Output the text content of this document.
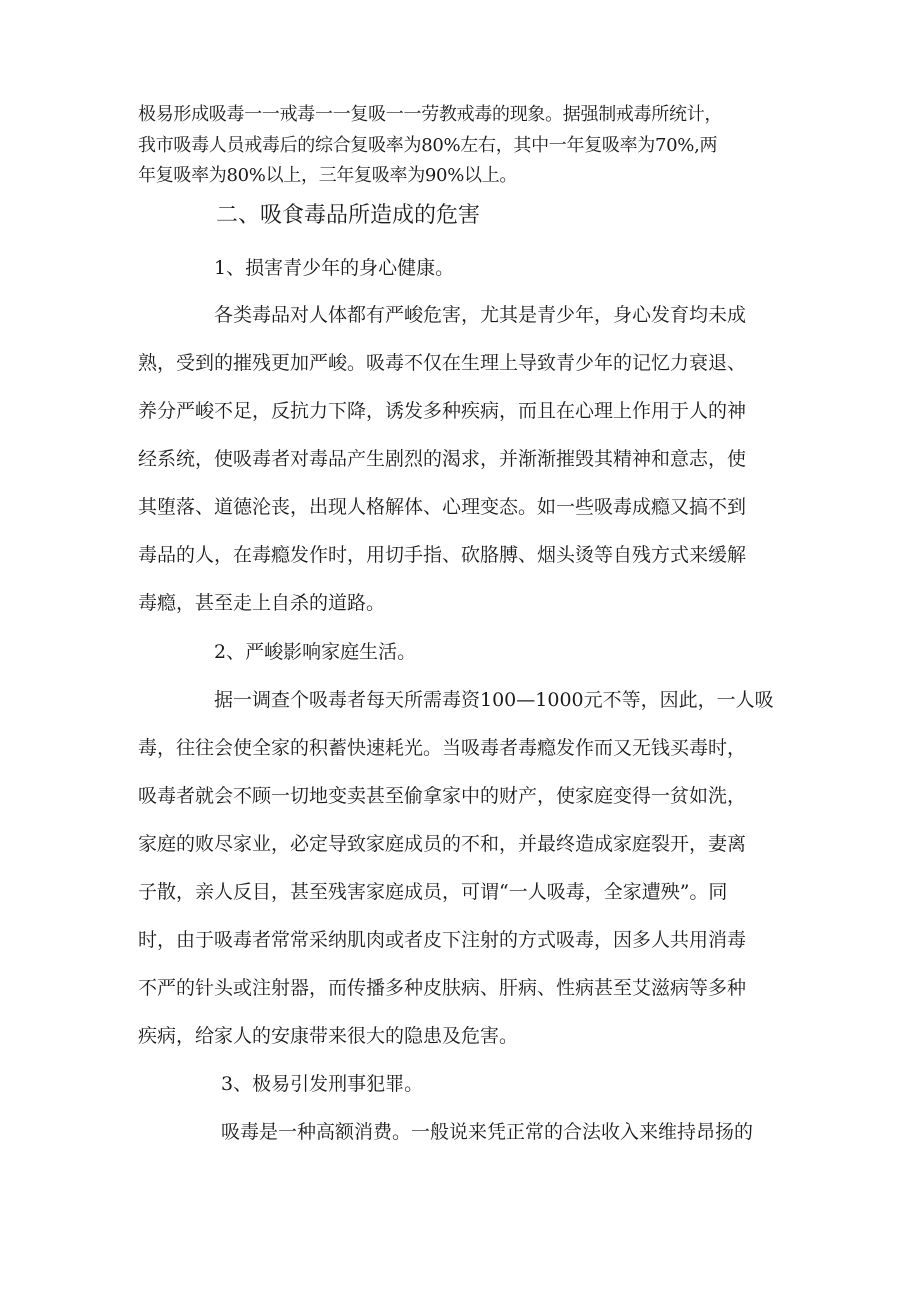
极易形成吸毒一一戒毒一一复吸一一劳教戒毒的现象。据强制戒毒所统计，
我市吸毒人员戒毒后的综合复吸率为80%左右，其中一年复吸率为70%,两
年复吸率为80%以上，三年复吸率为90%以上。
二、吸食毒品所造成的危害
1、损害青少年的身心健康。
各类毒品对人体都有严峻危害，尤其是青少年，身心发育均未成
熟，受到的摧残更加严峻。吸毒不仅在生理上导致青少年的记忆力衰退、
养分严峻不足，反抗力下降，诱发多种疾病，而且在心理上作用于人的神
经系统，使吸毒者对毒品产生剧烈的渴求，并渐渐摧毁其精神和意志，使
其堕落、道德沦丧，出现人格解体、心理变态。如一些吸毒成瘾又搞不到
毒品的人，在毒瘾发作时，用切手指、砍胳膊、烟头烫等自残方式来缓解
毒瘾，甚至走上自杀的道路。
2、严峻影响家庭生活。
据一调查个吸毒者每天所需毒资100—1000元不等，因此，一人吸
毒，往往会使全家的积蓄快速耗光。当吸毒者毒瘾发作而又无钱买毒时，
吸毒者就会不顾一切地变卖甚至偷拿家中的财产，使家庭变得一贫如洗，
家庭的败尽家业，必定导致家庭成员的不和，并最终造成家庭裂开，妻离
子散，亲人反目，甚至残害家庭成员，可谓“一人吸毒，全家遭殃”。同
时，由于吸毒者常常采纳肌肉或者皮下注射的方式吸毒，因多人共用消毒
不严的针头或注射器，而传播多种皮肤病、肝病、性病甚至艾滋病等多种
疾病，给家人的安康带来很大的隐患及危害。
3、极易引发刑事犯罪。
吸毒是一种高额消费。一般说来凭正常的合法收入来维持昂扬的
